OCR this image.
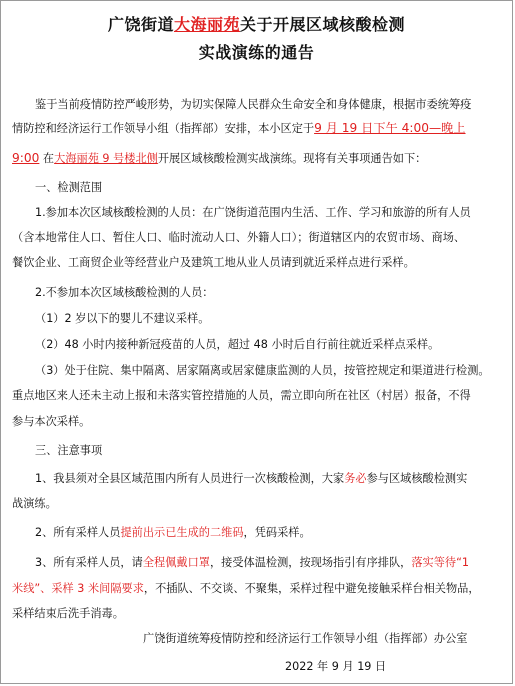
广饶街道大海丽苑关于开展区域核酸检测
实战演练的通告
鉴于当前疫情防控严峻形势，为切实保障人民群众生命安全和身体健康，根据市委统筹疫
情防控和经济运行工作领导小组（指挥部）安排，本小区定于9 月 19 日下午 4:00—晚上
9:00 在大海丽苑 9 号楼北侧开展区域核酸检测实战演练。现将有关事项通告如下：
一、检测范围
1.参加本次区域核酸检测的人员：在广饶街道范围内生活、工作、学习和旅游的所有人员
（含本地常住人口、暂住人口、临时流动人口、外籍人口）；街道辖区内的农贸市场、商场、
餐饮企业、工商贸企业等经营业户及建筑工地从业人员请到就近采样点进行采样。
2.不参加本次区域核酸检测的人员：
（1）2 岁以下的婴儿不建议采样。
（2）48 小时内接种新冠疫苗的人员，超过 48 小时后自行前往就近采样点采样。
（3）处于住院、集中隔离、居家隔离或居家健康监测的人员，按管控规定和渠道进行检测。
重点地区来人还未主动上报和未落实管控措施的人员，需立即向所在社区（村居）报备，不得
参与本次采样。
三、注意事项
1、我县须对全县区域范围内所有人员进行一次核酸检测，大家务必参与区域核酸检测实
战演练。
2、所有采样人员提前出示已生成的二维码，凭码采样。
3、所有采样人员，请全程佩戴口罩，接受体温检测，按现场指引有序排队，落实等待“1
米线”、采样 3 米间隔要求，不插队、不交谈、不聚集，采样过程中避免接触采样台相关物品，
采样结束后洗手消毒。
广饶街道统筹疫情防控和经济运行工作领导小组（指挥部）办公室
2022 年 9 月 19 日
